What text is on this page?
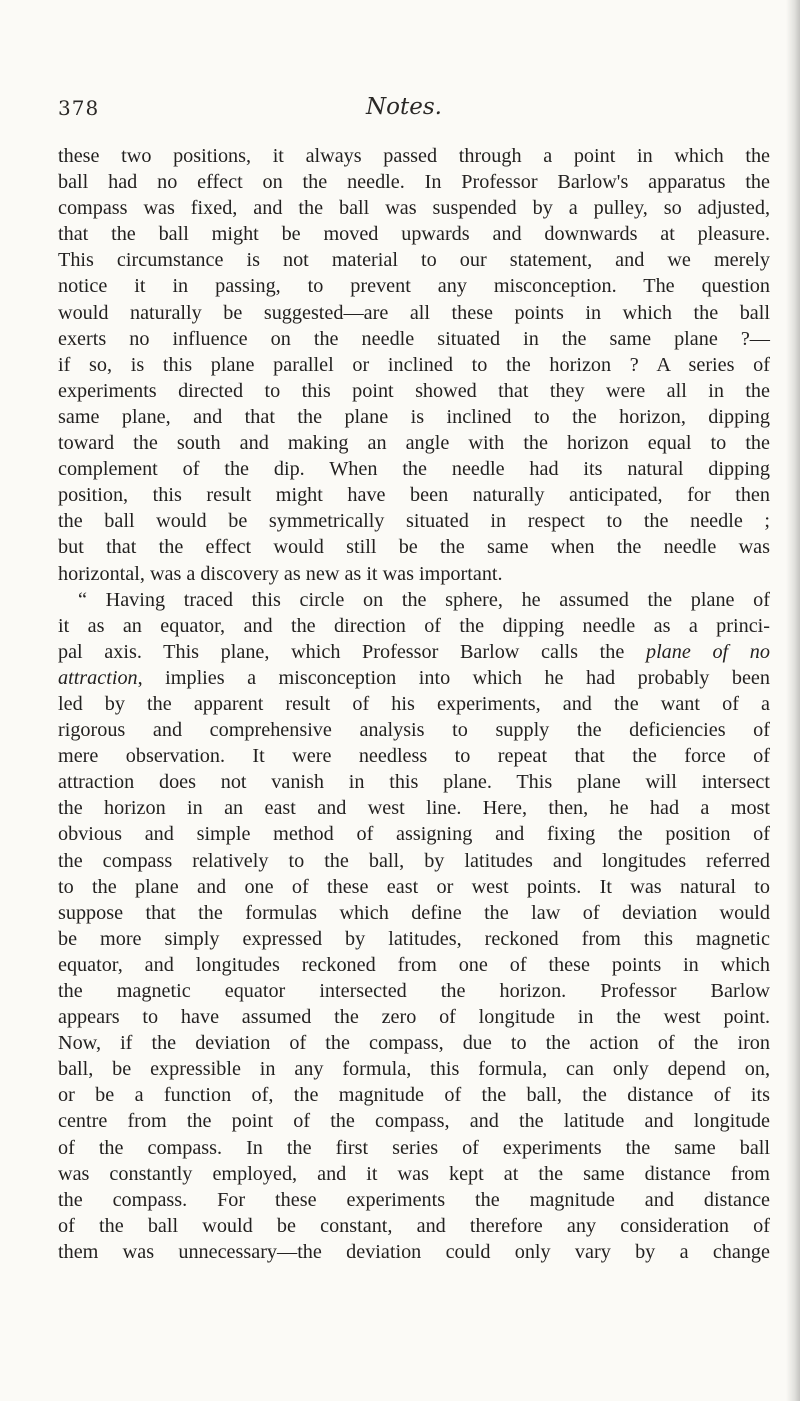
378	Notes.
these two positions, it always passed through a point in which the
ball had no effect on the needle. In Professor Barlow's apparatus the
compass was fixed, and the ball was suspended by a pulley, so adjusted,
that the ball might be moved upwards and downwards at pleasure.
This circumstance is not material to our statement, and we merely
notice it in passing, to prevent any misconception. The question
would naturally be suggested—are all these points in which the ball
exerts no influence on the needle situated in the same plane ?—
if so, is this plane parallel or inclined to the horizon ? A series of
experiments directed to this point showed that they were all in the
same plane, and that the plane is inclined to the horizon, dipping
toward the south and making an angle with the horizon equal to the
complement of the dip. When the needle had its natural dipping
position, this result might have been naturally anticipated, for then
the ball would be symmetrically situated in respect to the needle ;
but that the effect would still be the same when the needle was
horizontal, was a discovery as new as it was important.
“ Having traced this circle on the sphere, he assumed the plane of
it as an equator, and the direction of the dipping needle as a princi-
pal axis. This plane, which Professor Barlow calls the plane of no
attraction, implies a misconception into which he had probably been
led by the apparent result of his experiments, and the want of a
rigorous and comprehensive analysis to supply the deficiencies of
mere observation. It were needless to repeat that the force of
attraction does not vanish in this plane. This plane will intersect
the horizon in an east and west line. Here, then, he had a most
obvious and simple method of assigning and fixing the position of
the compass relatively to the ball, by latitudes and longitudes referred
to the plane and one of these east or west points. It was natural to
suppose that the formulas which define the law of deviation would
be more simply expressed by latitudes, reckoned from this magnetic
equator, and longitudes reckoned from one of these points in which
the magnetic equator intersected the horizon. Professor Barlow
appears to have assumed the zero of longitude in the west point.
Now, if the deviation of the compass, due to the action of the iron
ball, be expressible in any formula, this formula, can only depend on,
or be a function of, the magnitude of the ball, the distance of its
centre from the point of the compass, and the latitude and longitude
of the compass. In the first series of experiments the same ball
was constantly employed, and it was kept at the same distance from
the compass. For these experiments the magnitude and distance
of the ball would be constant, and therefore any consideration of
them was unnecessary—the deviation could only vary by a change
